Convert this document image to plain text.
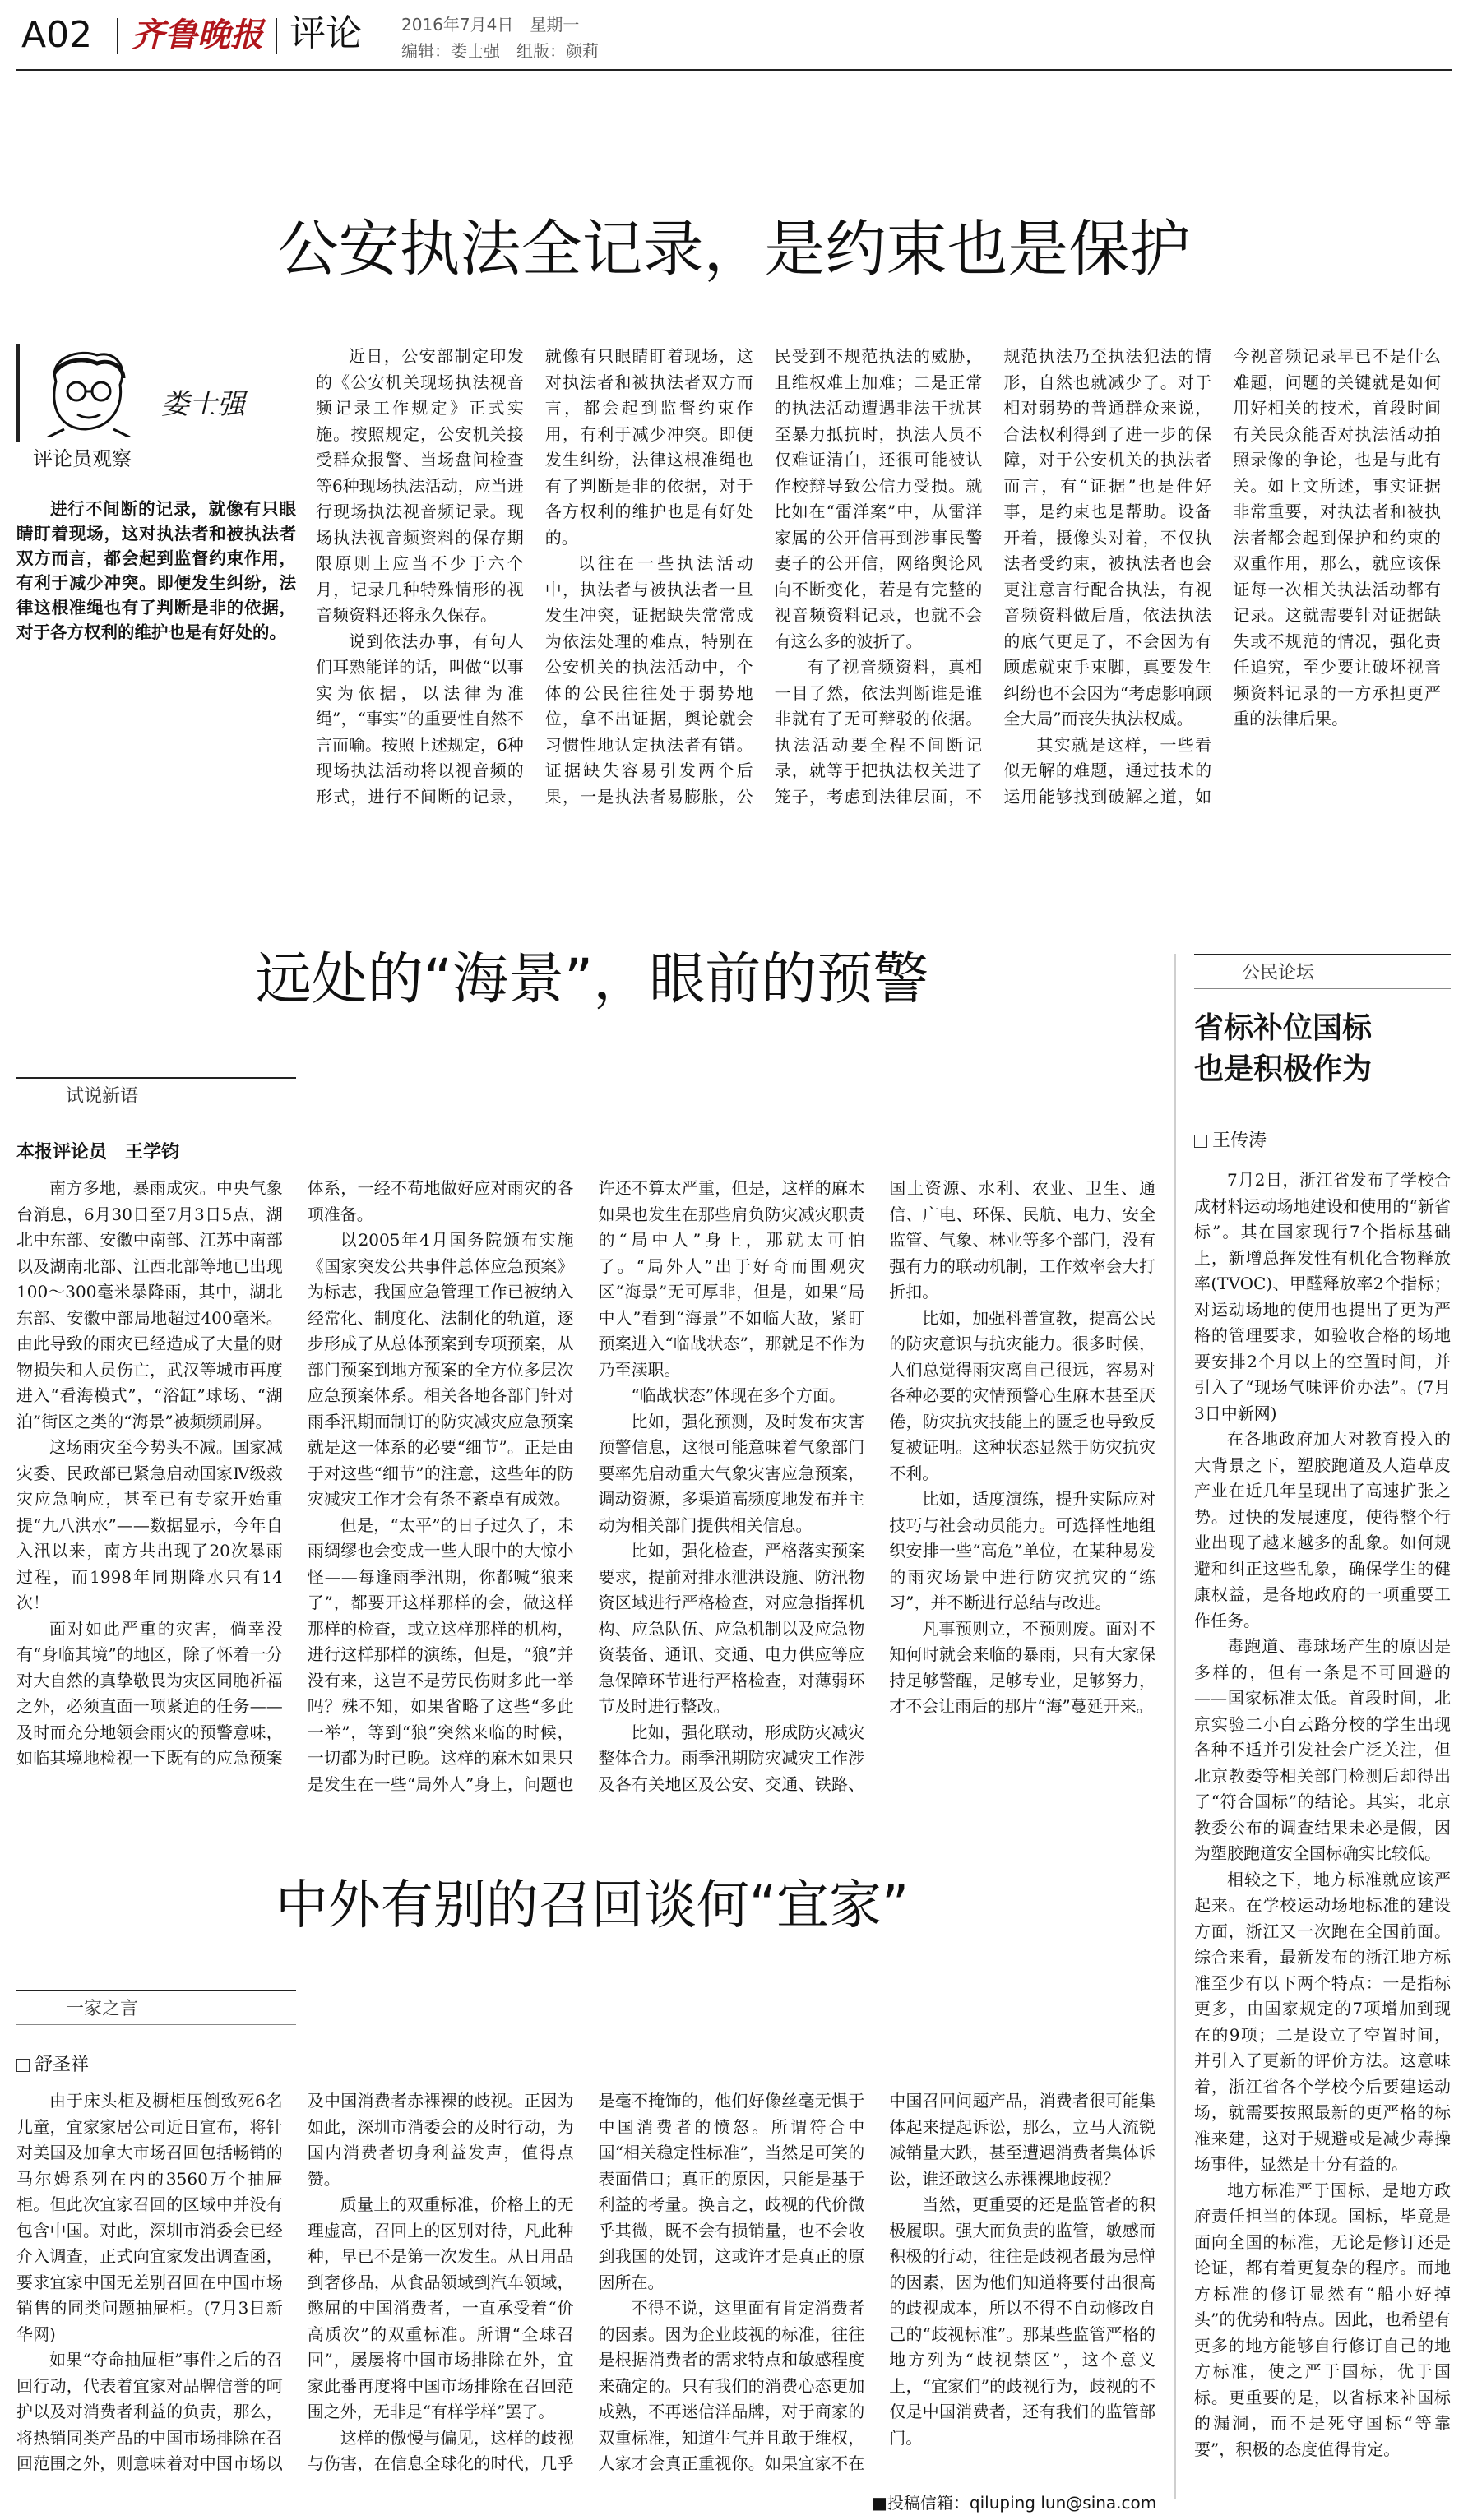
A02 齐鲁晚报 评论 2016年7月4日　星期一
编辑：娄士强　组版：颜莉
公安执法全记录，是约束也是保护
娄士强
评论员观察

进行不间断的记录，就像有只眼睛盯着现场，这对执法者和被执法者双方而言，都会起到监督约束作用，有利于减少冲突。即便发生纠纷，法律这根准绳也有了判断是非的依据，对于各方权利的维护也是有好处的。

近日，公安部制定印发的《公安机关现场执法视音频记录工作规定》正式实施。按照规定，公安机关接受群众报警、当场盘问检查等6种现场执法活动，应当进行现场执法视音频记录。现场执法视音频资料的保存期限原则上应当不少于六个月，记录几种特殊情形的视音频资料还将永久保存。

说到依法办事，有句人们耳熟能详的话，叫做“以事实为依据，以法律为准绳”，“事实”的重要性自然不言而喻。按照上述规定，6种现场执法活动将以视音频的形式，进行不间断的记录，就像有只眼睛盯着现场，这对执法者和被执法者双方而言，都会起到监督约束作用，有利于减少冲突。即便发生纠纷，法律这根准绳也有了判断是非的依据，对于各方权利的维护也是有好处的。

以往在一些执法活动中，执法者与被执法者一旦发生冲突，证据缺失常常成为依法处理的难点，特别在公安机关的执法活动中，个体的公民往往处于弱势地位，拿不出证据，舆论就会习惯性地认定执法者有错。证据缺失容易引发两个后果，一是执法者易膨胀，公民受到不规范执法的威胁，且维权难上加难；二是正常的执法活动遭遇非法干扰甚至暴力抵抗时，执法人员不仅难证清白，还很可能被认作校辩导致公信力受损。就比如在“雷洋案”中，从雷洋家属的公开信再到涉事民警妻子的公开信，网络舆论风向不断变化，若是有完整的视音频资料记录，也就不会有这么多的波折了。

有了视音频资料，真相一目了然，依法判断谁是谁非就有了无可辩驳的依据。执法活动要全程不间断记录，就等于把执法权关进了笼子，考虑到法律层面，不规范执法乃至执法犯法的情形，自然也就减少了。对于相对弱势的普通群众来说，合法权利得到了进一步的保障，对于公安机关的执法者而言，有“证据”也是件好事，是约束也是帮助。设备开着，摄像头对着，不仅执法者受约束，被执法者也会更注意言行配合执法，有视音频资料做后盾，依法执法的底气更足了，不会因为有顾虑就束手束脚，真要发生纠纷也不会因为“考虑影响顾全大局”而丧失执法权威。

其实就是这样，一些看似无解的难题，通过技术的运用能够找到破解之道，如今视音频记录早已不是什么难题，问题的关键就是如何用好相关的技术，首段时间有关民众能否对执法活动拍照录像的争论，也是与此有关。如上文所述，事实证据非常重要，对执法者和被执法者都会起到保护和约束的双重作用，那么，就应该保证每一次相关执法活动都有记录。这就需要针对证据缺失或不规范的情况，强化责任追究，至少要让破坏视音频资料记录的一方承担更严重的法律后果。

远处的“海景”，眼前的预警
试说新语
本报评论员　王学钧

南方多地，暴雨成灾。中央气象台消息，6月30日至7月3日5点，湖北中东部、安徽中南部、江苏中南部以及湖南北部、江西北部等地已出现100～300毫米暴降雨，其中，湖北东部、安徽中部局地超过400毫米。由此导致的雨灾已经造成了大量的财物损失和人员伤亡，武汉等城市再度进入“看海模式”，“浴缸”球场、“湖泊”街区之类的“海景”被频频刷屏。

这场雨灾至今势头不减。国家减灾委、民政部已紧急启动国家Ⅳ级救灾应急响应，甚至已有专家开始重提“九八洪水”——数据显示，今年自入汛以来，南方共出现了20次暴雨过程，而1998年同期降水只有14次！

面对如此严重的灾害，倘幸没有“身临其境”的地区，除了怀着一分对大自然的真挚敬畏为灾区同胞祈福之外，必须直面一项紧迫的任务——及时而充分地领会雨灾的预警意味，如临其境地检视一下既有的应急预案体系，一经不苟地做好应对雨灾的各项准备。

以2005年4月国务院颁布实施《国家突发公共事件总体应急预案》为标志，我国应急管理工作已被纳入经常化、制度化、法制化的轨道，逐步形成了从总体预案到专项预案，从部门预案到地方预案的全方位多层次应急预案体系。相关各地各部门针对雨季汛期而制订的防灾减灾应急预案就是这一体系的必要“细节”。正是由于对这些“细节”的注意，这些年的防灾减灾工作才会有条不紊卓有成效。

但是，“太平”的日子过久了，未雨绸缪也会变成一些人眼中的大惊小怪——每逢雨季汛期，你都喊“狼来了”，都要开这样那样的会，做这样那样的检查，或立这样那样的机构，进行这样那样的演练，但是，“狼”并没有来，这岂不是劳民伤财多此一举吗？殊不知，如果省略了这些“多此一举”，等到“狼”突然来临的时候，一切都为时已晚。这样的麻木如果只是发生在一些“局外人”身上，问题也许还不算太严重，但是，这样的麻木如果也发生在那些肩负防灾减灾职责的“局中人”身上，那就太可怕了。“局外人”出于好奇而围观灾区“海景”无可厚非，但是，如果“局中人”看到“海景”不如临大敌，紧盯预案进入“临战状态”，那就是不作为乃至渎职。

“临战状态”体现在多个方面。

比如，强化预测，及时发布灾害预警信息，这很可能意味着气象部门要率先启动重大气象灾害应急预案，调动资源，多渠道高频度地发布并主动为相关部门提供相关信息。

比如，强化检查，严格落实预案要求，提前对排水泄洪设施、防汛物资区域进行严格检查，对应急指挥机构、应急队伍、应急机制以及应急物资装备、通讯、交通、电力供应等应急保障环节进行严格检查，对薄弱环节及时进行整改。

比如，强化联动，形成防灾减灾整体合力。雨季汛期防灾减灾工作涉及各有关地区及公安、交通、铁路、国土资源、水利、农业、卫生、通信、广电、环保、民航、电力、安全监管、气象、林业等多个部门，没有强有力的联动机制，工作效率会大打折扣。

比如，加强科普宣教，提高公民的防灾意识与抗灾能力。很多时候，人们总觉得雨灾离自己很远，容易对各种必要的灾情预警心生麻木甚至厌倦，防灾抗灾技能上的匮乏也导致反复被证明。这种状态显然于防灾抗灾不利。

比如，适度演练，提升实际应对技巧与社会动员能力。可选择性地组织安排一些“高危”单位，在某种易发的雨灾场景中进行防灾抗灾的“练习”，并不断进行总结与改进。

凡事预则立，不预则废。面对不知何时就会来临的暴雨，只有大家保持足够警醒，足够专业，足够努力，才不会让雨后的那片“海”蔓延开来。

中外有别的召回谈何“宜家”
一家之言
舒圣祥

由于床头柜及橱柜压倒致死6名儿童，宜家家居公司近日宣布，将针对美国及加拿大市场召回包括畅销的马尔姆系列在内的3560万个抽屉柜。但此次宜家召回的区域中并没有包含中国。对此，深圳市消委会已经介入调查，正式向宜家发出调查函，要求宜家中国无差别召回在中国市场销售的同类问题抽屉柜。(7月3日新华网)

如果“夺命抽屉柜”事件之后的召回行动，代表着宜家对品牌信誉的呵护以及对消费者利益的负责，那么，将热销同类产品的中国市场排除在召回范围之外，则意味着对中国市场以及中国消费者赤裸裸的歧视。正因为如此，深圳市消委会的及时行动，为国内消费者切身利益发声，值得点赞。

质量上的双重标准，价格上的无理虚高，召回上的区别对待，凡此种种，早已不是第一次发生。从日用品到奢侈品，从食品领域到汽车领域，憋屈的中国消费者，一直承受着“价高质次”的双重标准。所谓“全球召回”，屡屡将中国市场排除在外，宜家此番再度将中国市场排除在召回范围之外，无非是“有样学样”罢了。

这样的傲慢与偏见，这样的歧视与伤害，在信息全球化的时代，几乎是毫不掩饰的，他们好像丝毫无惧于中国消费者的愤怒。所谓符合中国“相关稳定性标准”，当然是可笑的表面借口；真正的原因，只能是基于利益的考量。换言之，歧视的代价微乎其微，既不会有损销量，也不会收到我国的处罚，这或许才是真正的原因所在。

不得不说，这里面有肯定消费者的因素。因为企业歧视的标准，往往是根据消费者的需求特点和敏感程度来确定的。只有我们的消费心态更加成熟，不再迷信洋品牌，对于商家的双重标准，知道生气并且敢于维权，人家才会真正重视你。如果宜家不在中国召回问题产品，消费者很可能集体起来提起诉讼，那么，立马人流锐减销量大跌，甚至遭遇消费者集体诉讼，谁还敢这么赤裸裸地歧视？

当然，更重要的还是监管者的积极履职。强大而负责的监管，敏感而积极的行动，往往是歧视者最为忌惮的因素，因为他们知道将要付出很高的歧视成本，所以不得不自动修改自己的“歧视标准”。那某些监管严格的地方列为“歧视禁区”，这个意义上，“宜家们”的歧视行为，歧视的不仅是中国消费者，还有我们的监管部门。

■投稿信箱：qiluping lun@sina.com
公民论坛
省标补位国标
也是积极作为
王传涛

7月2日，浙江省发布了学校合成材料运动场地建设和使用的“新省标”。其在国家现行7个指标基础上，新增总挥发性有机化合物释放率(TVOC)、甲醛释放率2个指标；对运动场地的使用也提出了更为严格的管理要求，如验收合格的场地要安排2个月以上的空置时间，并引入了“现场气味评价办法”。(7月3日中新网)

在各地政府加大对教育投入的大背景之下，塑胶跑道及人造草皮产业在近几年呈现出了高速扩张之势。过快的发展速度，使得整个行业出现了越来越多的乱象。如何规避和纠正这些乱象，确保学生的健康权益，是各地政府的一项重要工作任务。

毒跑道、毒球场产生的原因是多样的，但有一条是不可回避的——国家标准太低。首段时间，北京实验二小白云路分校的学生出现各种不适并引发社会广泛关注，但北京教委等相关部门检测后却得出了“符合国标”的结论。其实，北京教委公布的调查结果未必是假，因为塑胶跑道安全国标确实比较低。

相较之下，地方标准就应该严起来。在学校运动场地标准的建设方面，浙江又一次跑在全国前面。综合来看，最新发布的浙江地方标准至少有以下两个特点：一是指标更多，由国家规定的7项增加到现在的9项；二是设立了空置时间，并引入了更新的评价方法。这意味着，浙江省各个学校今后要建运动场，就需要按照最新的更严格的标准来建，这对于规避或是减少毒操场事件，显然是十分有益的。

地方标准严于国标，是地方政府责任担当的体现。国标，毕竟是面向全国的标准，无论是修订还是论证，都有着更复杂的程序。而地方标准的修订显然有“船小好掉头”的优势和特点。因此，也希望有更多的地方能够自行修订自己的地方标准，使之严于国标，优于国标。更重要的是，以省标来补国标的漏洞，而不是死守国标“等靠要”，积极的态度值得肯定。
